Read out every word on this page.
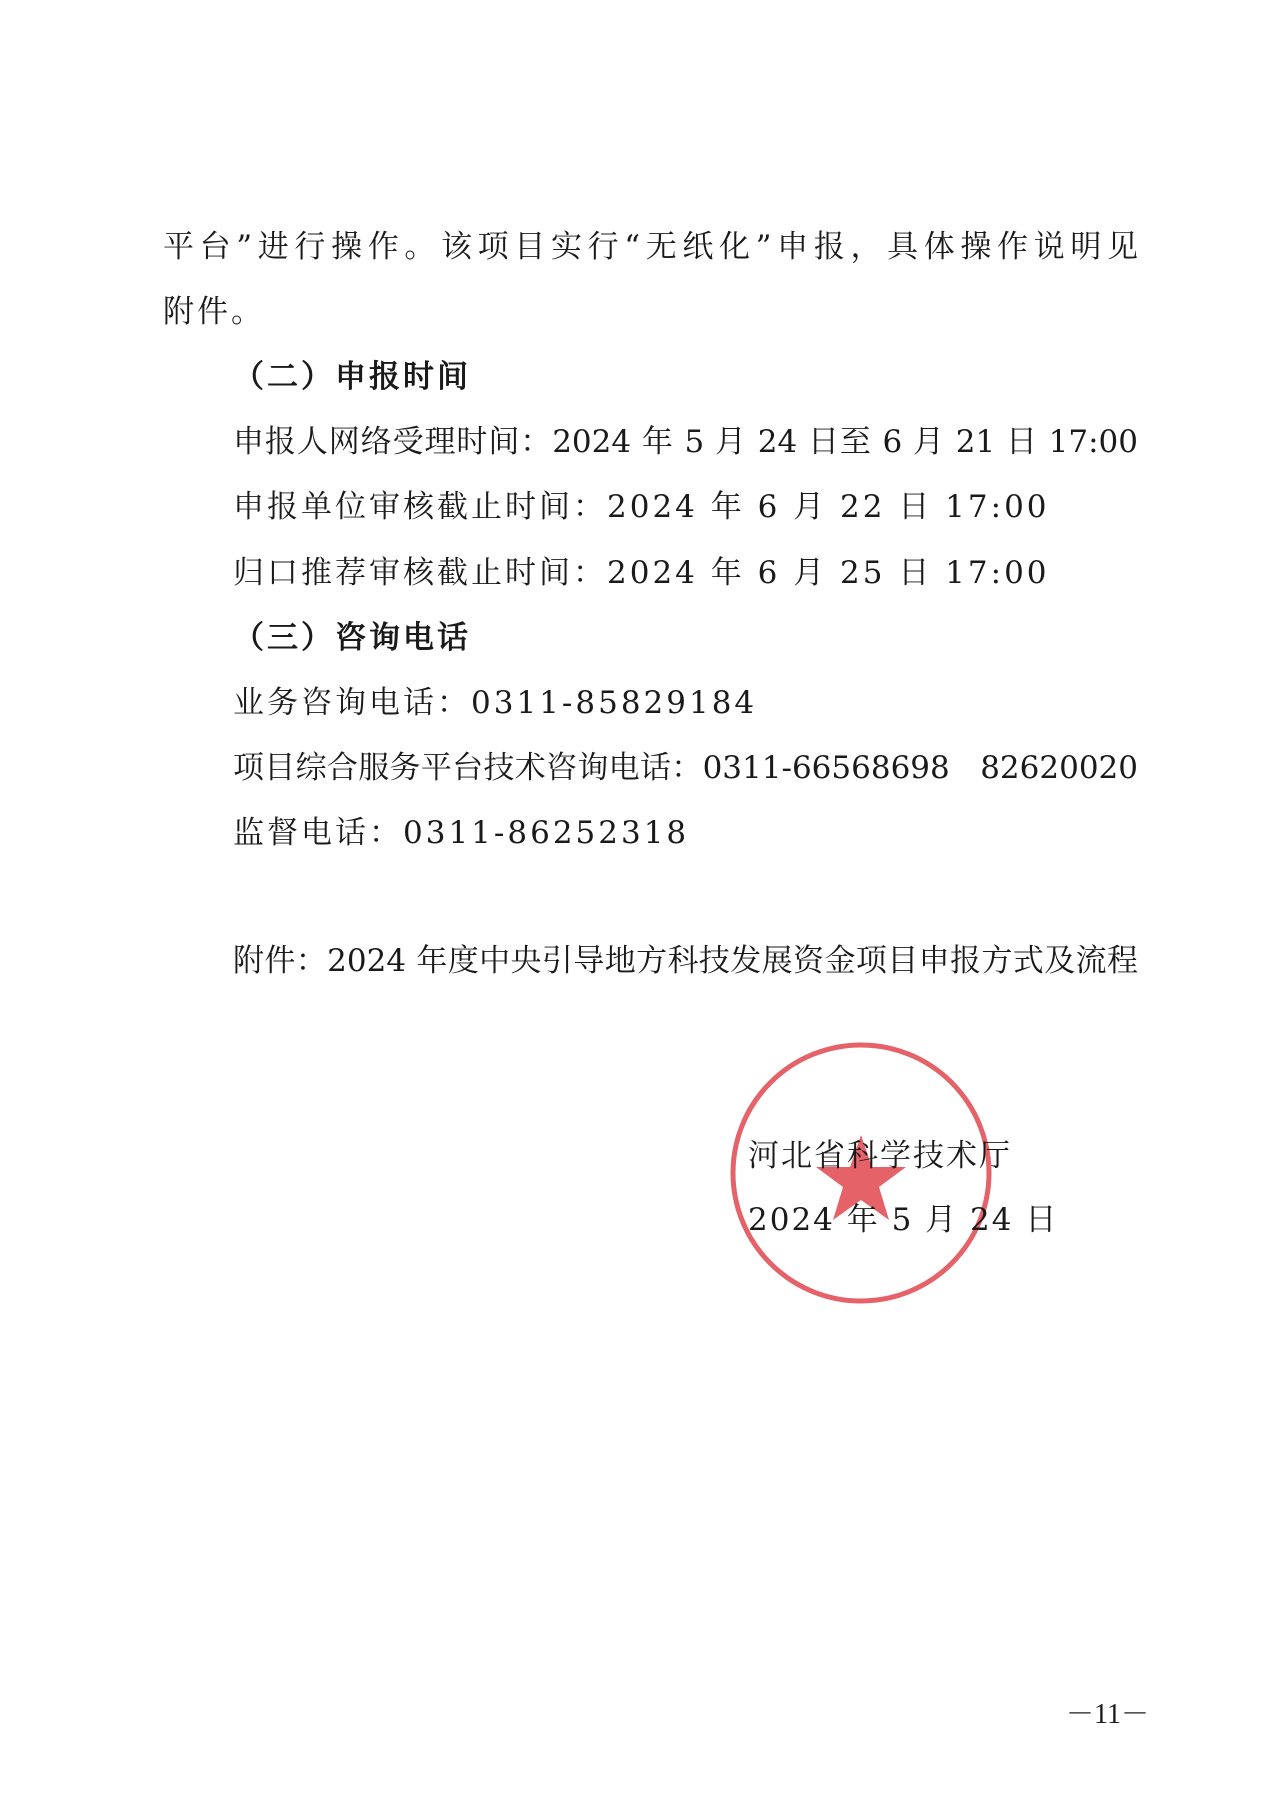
平台”进行操作。该项目实行“无纸化”申报，具体操作说明见
附件。
（二）申报时间
申报人网络受理时间：2024 年 5 月 24 日至 6 月 21 日 17:00
申报单位审核截止时间：2024 年 6 月 22 日 17:00
归口推荐审核截止时间：2024 年 6 月 25 日 17:00
（三）咨询电话
业务咨询电话：0311-85829184
项目综合服务平台技术咨询电话：0311-66568698   82620020
监督电话：0311-86252318
附件：2024 年度中央引导地方科技发展资金项目申报方式及流程
河北省科学技术厅
2024 年 5 月 24 日
－11－
